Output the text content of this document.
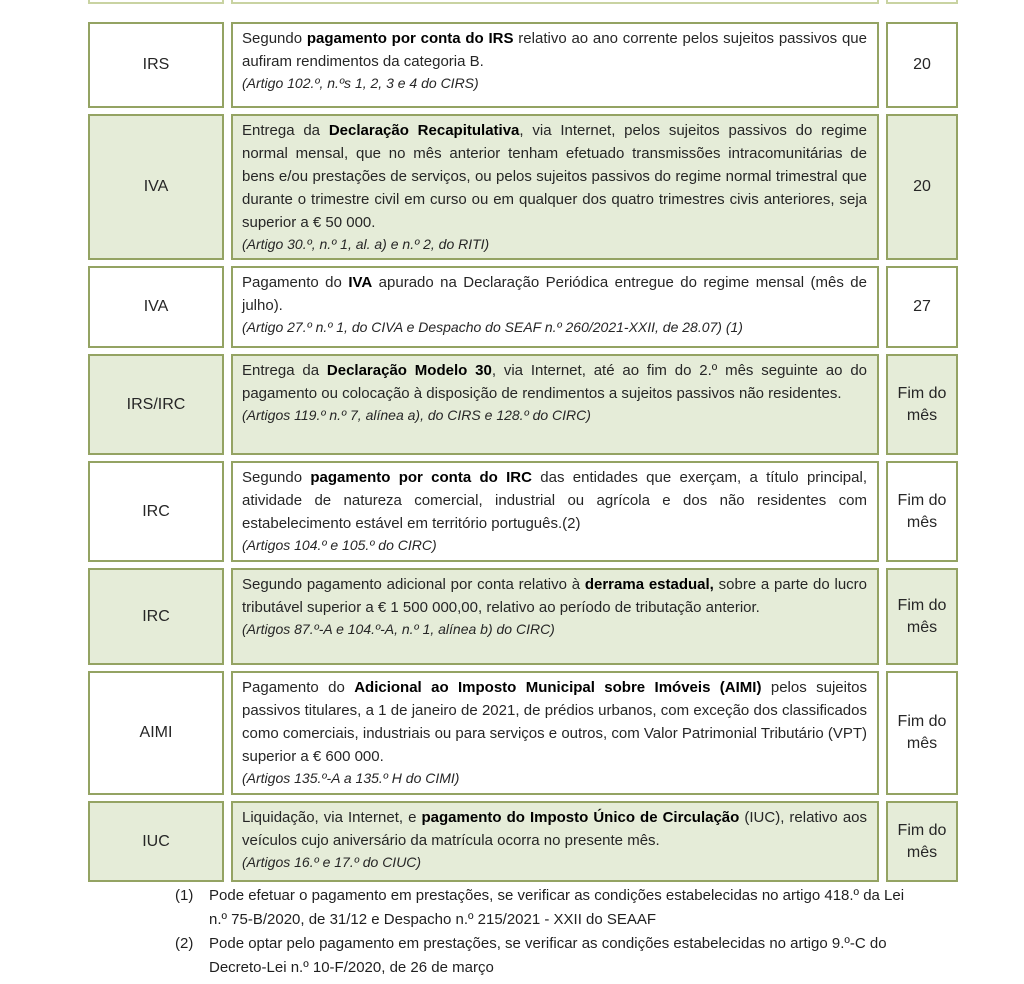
IRS
Segundo pagamento por conta do IRS relativo ao ano corrente pelos sujeitos passivos que aufiram rendimentos da categoria B.
(Artigo 102.º, n.ºs 1, 2, 3 e 4 do CIRS)
20
IVA
Entrega da Declaração Recapitulativa, via Internet, pelos sujeitos passivos do regime normal mensal, que no mês anterior tenham efetuado transmissões intracomunitárias de bens e/ou prestações de serviços, ou pelos sujeitos passivos do regime normal trimestral que durante o trimestre civil em curso ou em qualquer dos quatro trimestres civis anteriores, seja superior a € 50 000.
(Artigo 30.º, n.º 1, al. a) e n.º 2, do RITI)
20
IVA
Pagamento do IVA apurado na Declaração Periódica entregue do regime mensal (mês de julho).
(Artigo 27.º n.º 1, do CIVA e Despacho do SEAF n.º 260/2021-XXII, de 28.07) (1)
27
IRS/IRC
Entrega da Declaração Modelo 30, via Internet, até ao fim do 2.º mês seguinte ao do pagamento ou colocação à disposição de rendimentos a sujeitos passivos não residentes.
(Artigos 119.º n.º 7, alínea a), do CIRS e 128.º do CIRC)
Fim do mês
IRC
Segundo pagamento por conta do IRC das entidades que exerçam, a título principal, atividade de natureza comercial, industrial ou agrícola e dos não residentes com estabelecimento estável em território português.(2)
(Artigos 104.º e 105.º do CIRC)
Fim do mês
IRC
Segundo pagamento adicional por conta relativo à derrama estadual, sobre a parte do lucro tributável superior a € 1 500 000,00, relativo ao período de tributação anterior.
(Artigos 87.º-A e 104.º-A, n.º 1, alínea b) do CIRC)
Fim do mês
AIMI
Pagamento do Adicional ao Imposto Municipal sobre Imóveis (AIMI) pelos sujeitos passivos titulares, a 1 de janeiro de 2021, de prédios urbanos, com exceção dos classificados como comerciais, industriais ou para serviços e outros, com Valor Patrimonial Tributário (VPT) superior a € 600 000.
(Artigos 135.º-A a 135.º H do CIMI)
Fim do mês
IUC
Liquidação, via Internet, e pagamento do Imposto Único de Circulação (IUC), relativo aos veículos cujo aniversário da matrícula ocorra no presente mês.
(Artigos 16.º e 17.º do CIUC)
Fim do mês
(1)	Pode efetuar o pagamento em prestações, se verificar as condições estabelecidas no artigo 418.º da Lei n.º 75-B/2020, de 31/12 e Despacho n.º 215/2021 - XXII do SEAAF
(2)	Pode optar pelo pagamento em prestações, se verificar as condições estabelecidas no artigo 9.º-C do Decreto-Lei n.º 10-F/2020, de 26 de março
